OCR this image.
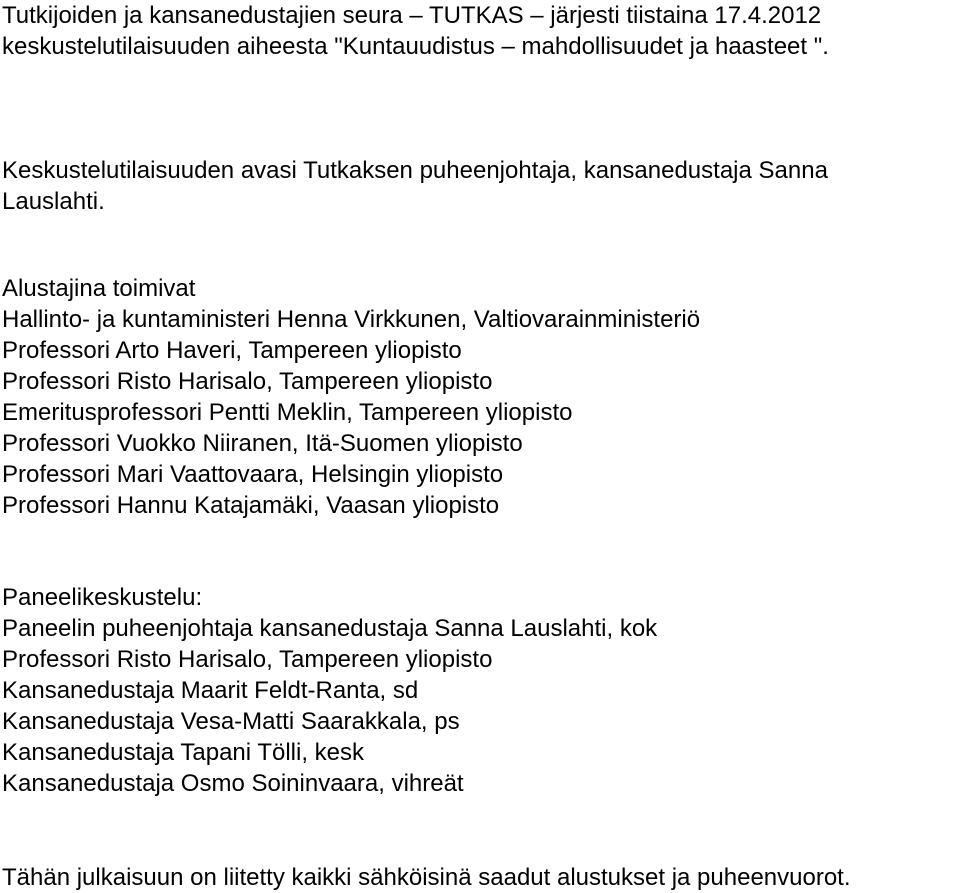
Tutkijoiden ja kansanedustajien seura – TUTKAS – järjesti tiistaina 17.4.2012
keskustelutilaisuuden aiheesta "Kuntauudistus – mahdollisuudet ja haasteet ".
Keskustelutilaisuuden avasi Tutkaksen puheenjohtaja, kansanedustaja Sanna
Lauslahti.
Alustajina toimivat
Hallinto- ja kuntaministeri Henna Virkkunen, Valtiovarainministeriö
Professori Arto Haveri, Tampereen yliopisto
Professori Risto Harisalo, Tampereen yliopisto
Emeritusprofessori Pentti Meklin, Tampereen yliopisto
Professori Vuokko Niiranen, Itä-Suomen yliopisto
Professori Mari Vaattovaara, Helsingin yliopisto
Professori Hannu Katajamäki, Vaasan yliopisto
Paneelikeskustelu:
Paneelin puheenjohtaja kansanedustaja Sanna Lauslahti, kok
Professori Risto Harisalo, Tampereen yliopisto
Kansanedustaja Maarit Feldt-Ranta, sd
Kansanedustaja Vesa-Matti Saarakkala, ps
Kansanedustaja Tapani Tölli, kesk
Kansanedustaja Osmo Soininvaara, vihreät
Tähän julkaisuun on liitetty kaikki sähköisinä saadut alustukset ja puheenvuorot.
